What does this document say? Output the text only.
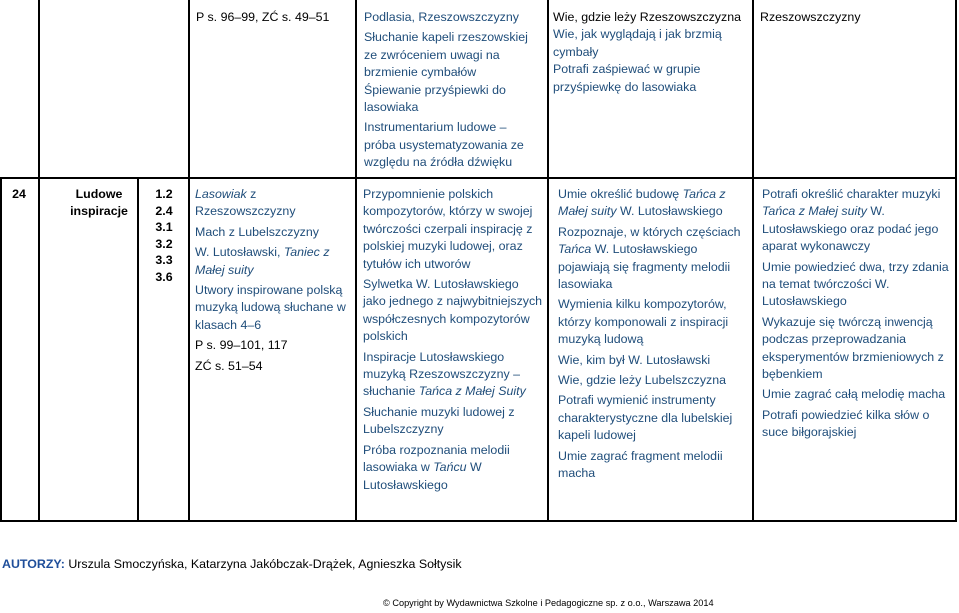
P s. 96–99, ZĆ s. 49–51	Podlasia, Rzeszowszczyzny

Słuchanie kapeli rzeszowskiej ze zwróceniem uwagi na brzmienie cymbałów

Śpiewanie przyśpiewki do lasowiaka

Instrumentarium ludowe – próba usystematyzowania ze względu na źródła dźwięku

Wie, gdzie leży Rzeszowszczyzna

Wie, jak wyglądają i jak brzmią cymbały

Potrafi zaśpiewać w grupie przyśpiewkę do lasowiaka

Rzeszowszczyzny

24	Ludowe inspiracje

1.2

2.4

3.1

3.2

3.3

3.6

Lasowiak z Rzeszowszczyzny

Mach z Lubelszczyzny

W. Lutosławski, Taniec z Małej suity

Utwory inspirowane polską muzyką ludową słuchane w klasach 4–6

P s. 99–101, 117

ZĆ s. 51–54

Przypomnienie polskich kompozytorów, którzy w swojej twórczości czerpali inspirację z polskiej muzyki ludowej, oraz tytułów ich utworów

Sylwetka W. Lutosławskiego jako jednego z najwybitniejszych współczesnych kompozytorów polskich

Inspiracje Lutosławskiego muzyką Rzeszowszczyzny – słuchanie Tańca z Małej Suity

Słuchanie muzyki ludowej z Lubelszczyzny

Próba rozpoznania melodii lasowiaka w Tańcu W Lutosławskiego

Umie określić budowę Tańca z Małej suity W. Lutosławskiego

Rozpoznaje, w których częściach Tańca W. Lutosławskiego pojawiają się fragmenty melodii lasowiaka

Wymienia kilku kompozytorów, którzy komponowali z inspiracji muzyką ludową

Wie, kim był W. Lutosławski

Wie, gdzie leży Lubelszczyzna

Potrafi wymienić instrumenty charakterystyczne dla lubelskiej kapeli ludowej

Umie zagrać fragment melodii macha

Potrafi określić charakter muzyki Tańca z Małej suity W. Lutosławskiego oraz podać jego aparat wykonawczy

Umie powiedzieć dwa, trzy zdania na temat twórczości W. Lutosławskiego

Wykazuje się twórczą inwencją podczas przeprowadzania eksperymentów brzmieniowych z bębenkiem

Umie zagrać całą melodię macha

Potrafi powiedzieć kilka słów o suce biłgorajskiej

AUTORZY: Urszula Smoczyńska, Katarzyna Jakóbczak-Drążek, Agnieszka Sołtysik
© Copyright by Wydawnictwa Szkolne i Pedagogiczne sp. z o.o., Warszawa 2014
